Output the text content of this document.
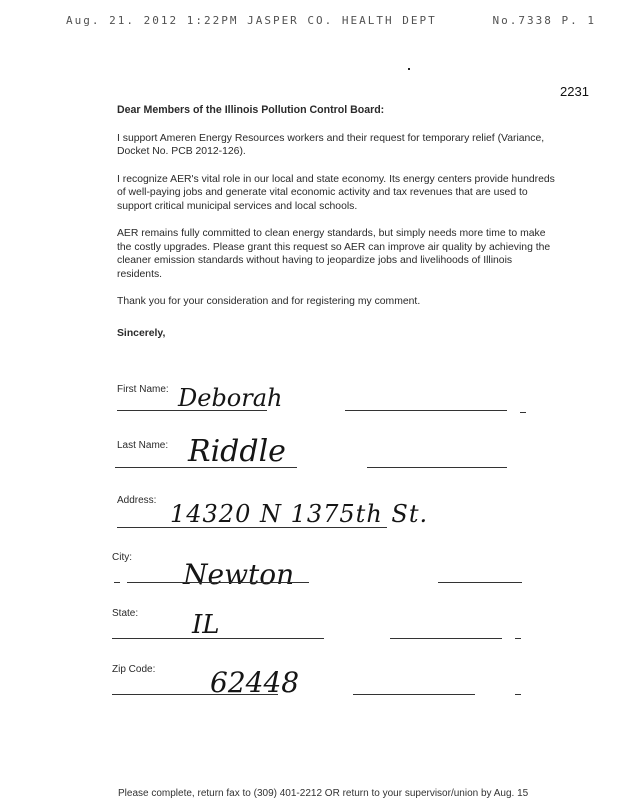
Aug. 21. 2012 1:22PM JASPER CO. HEALTH DEPT	No.7338 P. 1
2231

Dear Members of the Illinois Pollution Control Board:

I support Ameren Energy Resources workers and their request for temporary relief (Variance, Docket No. PCB 2012-126).

I recognize AER's vital role in our local and state economy. Its energy centers provide hundreds of well-paying jobs and generate vital economic activity and tax revenues that are used to support critical municipal services and local schools.

AER remains fully committed to clean energy standards, but simply needs more time to make the costly upgrades. Please grant this request so AER can improve air quality by achieving the cleaner emission standards without having to jeopardize jobs and livelihoods of Illinois residents.

Thank you for your consideration and for registering my comment.

Sincerely,

First Name: Deborah
Last Name: Riddle
Address: 14320 N 1375th St.
City:
Newton
State: IL
Zip Code: 62448
Please complete, return fax to (309) 401-2212 OR return to your supervisor/union by Aug. 15
